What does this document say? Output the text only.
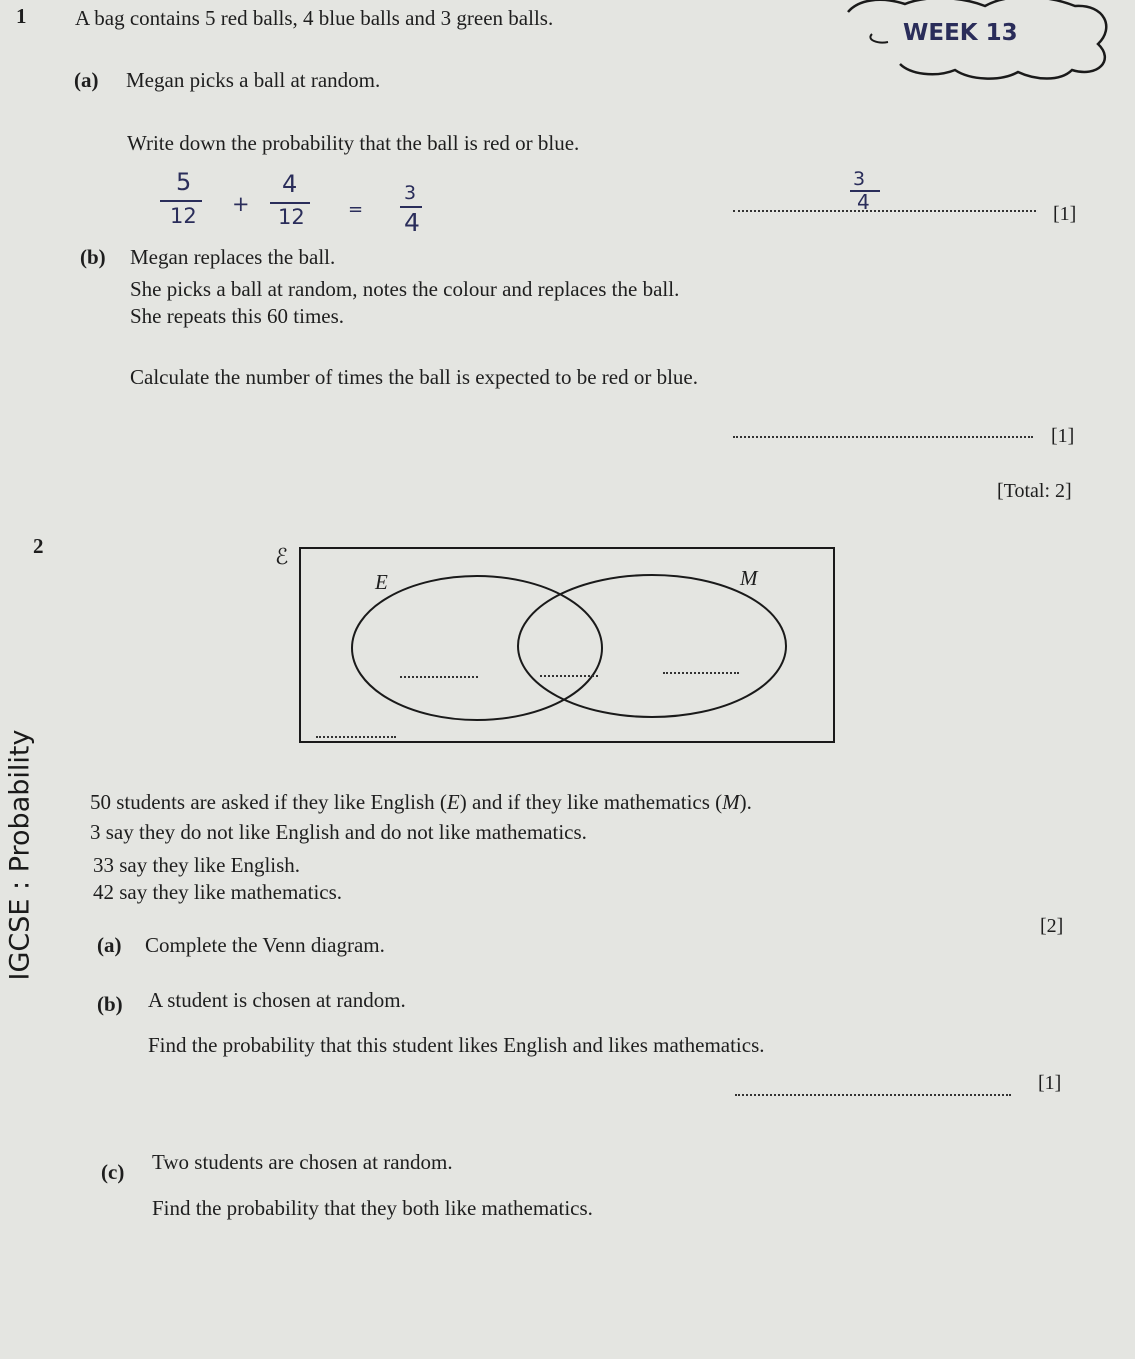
WEEK 13
1 A bag contains 5 red balls, 4 blue balls and 3 green balls.
(a) Megan picks a ball at random.
Write down the probability that the ball is red or blue.
5
12 +
4
12 =
3
4
3
4	[1]
(b) Megan replaces the ball.
She picks a ball at random, notes the colour and replaces the ball.
She repeats this 60 times.
Calculate the number of times the ball is expected to be red or blue.
[1]
[Total: 2]
2	ℰ
E	M
50 students are asked if they like English (E) and if they like mathematics (M).
3 say they do not like English and do not like mathematics.
33 say they like English.
42 say they like mathematics.
[2]
(a) Complete the Venn diagram.
(b) A student is chosen at random.
Find the probability that this student likes English and likes mathematics.
[1]
(c) Two students are chosen at random.
Find the probability that they both like mathematics.
IGCSE : Probability
